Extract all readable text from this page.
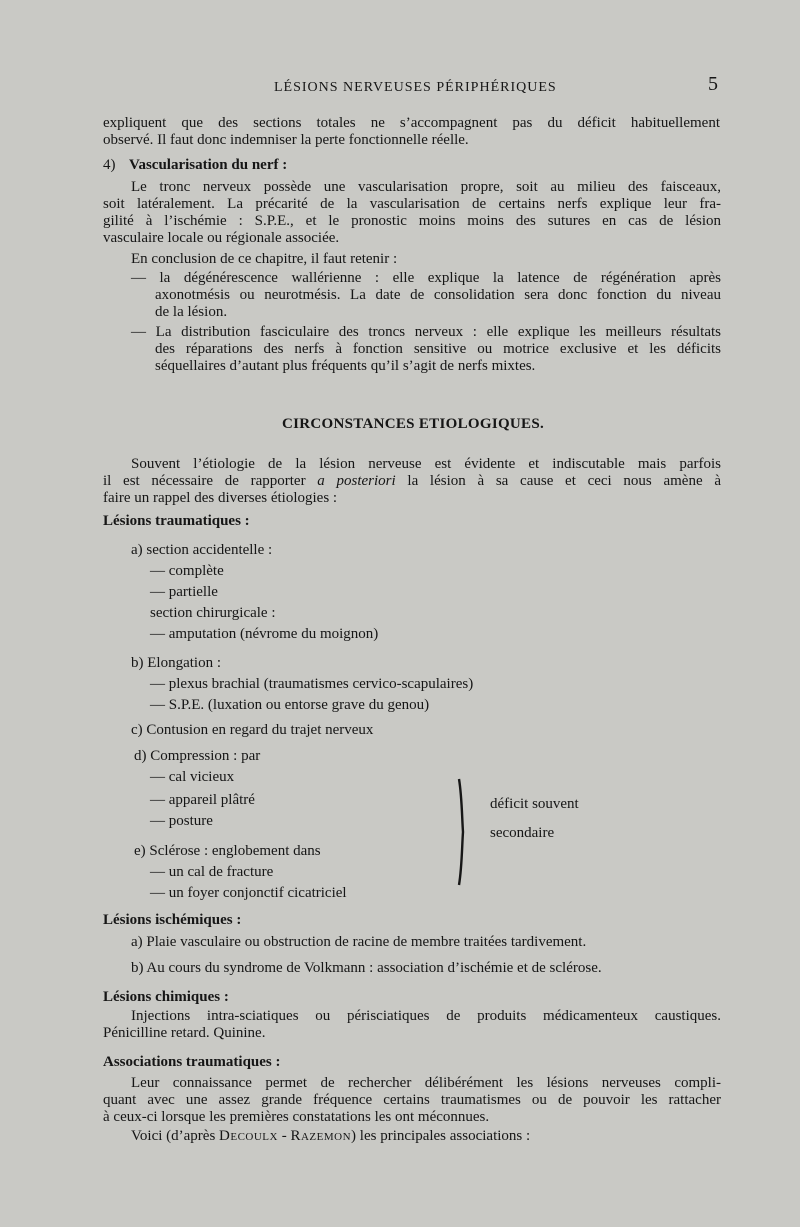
LÉSIONS NERVEUSES PÉRIPHÉRIQUES	5
expliquent que des sections totales ne s’accompagnent pas du déficit habituellement
observé. Il faut donc indemniser la perte fonctionnelle réelle.
4) Vascularisation du nerf :
Le tronc nerveux possède une vascularisation propre, soit au milieu des faisceaux,
soit latéralement. La précarité de la vascularisation de certains nerfs explique leur fra-
gilité à l’ischémie : S.P.E., et le pronostic moins moins des sutures en cas de lésion
vasculaire locale ou régionale associée.
En conclusion de ce chapitre, il faut retenir :
— la dégénérescence wallérienne : elle explique la latence de régénération après
axonotmésis ou neurotmésis. La date de consolidation sera donc fonction du niveau
de la lésion.
— La distribution fasciculaire des troncs nerveux : elle explique les meilleurs résultats
des réparations des nerfs à fonction sensitive ou motrice exclusive et les déficits
séquellaires d’autant plus fréquents qu’il s’agit de nerfs mixtes.
CIRCONSTANCES ETIOLOGIQUES.
Souvent l’étiologie de la lésion nerveuse est évidente et indiscutable mais parfois
il est nécessaire de rapporter a posteriori la lésion à sa cause et ceci nous amène à
faire un rappel des diverses étiologies :
Lésions traumatiques :
a) section accidentelle :
— complète
— partielle
section chirurgicale :
— amputation (névrome du moignon)
b) Elongation :
— plexus brachial (traumatismes cervico-scapulaires)
— S.P.E. (luxation ou entorse grave du genou)
c) Contusion en regard du trajet nerveux
d) Compression : par
— cal vicieux
— appareil plâtré
— posture
e) Sclérose : englobement dans
— un cal de fracture
— un foyer conjonctif cicatriciel
déficit souvent
secondaire
Lésions ischémiques :
a) Plaie vasculaire ou obstruction de racine de membre traitées tardivement.
b) Au cours du syndrome de Volkmann : association d’ischémie et de sclérose.
Lésions chimiques :
Injections intra-sciatiques ou périsciatiques de produits médicamenteux caustiques.
Pénicilline retard. Quinine.
Associations traumatiques :
Leur connaissance permet de rechercher délibérément les lésions nerveuses compli-
quant avec une assez grande fréquence certains traumatismes ou de pouvoir les rattacher
à ceux-ci lorsque les premières constatations les ont méconnues.
Voici (d’après Decoulx - Razemon) les principales associations :
